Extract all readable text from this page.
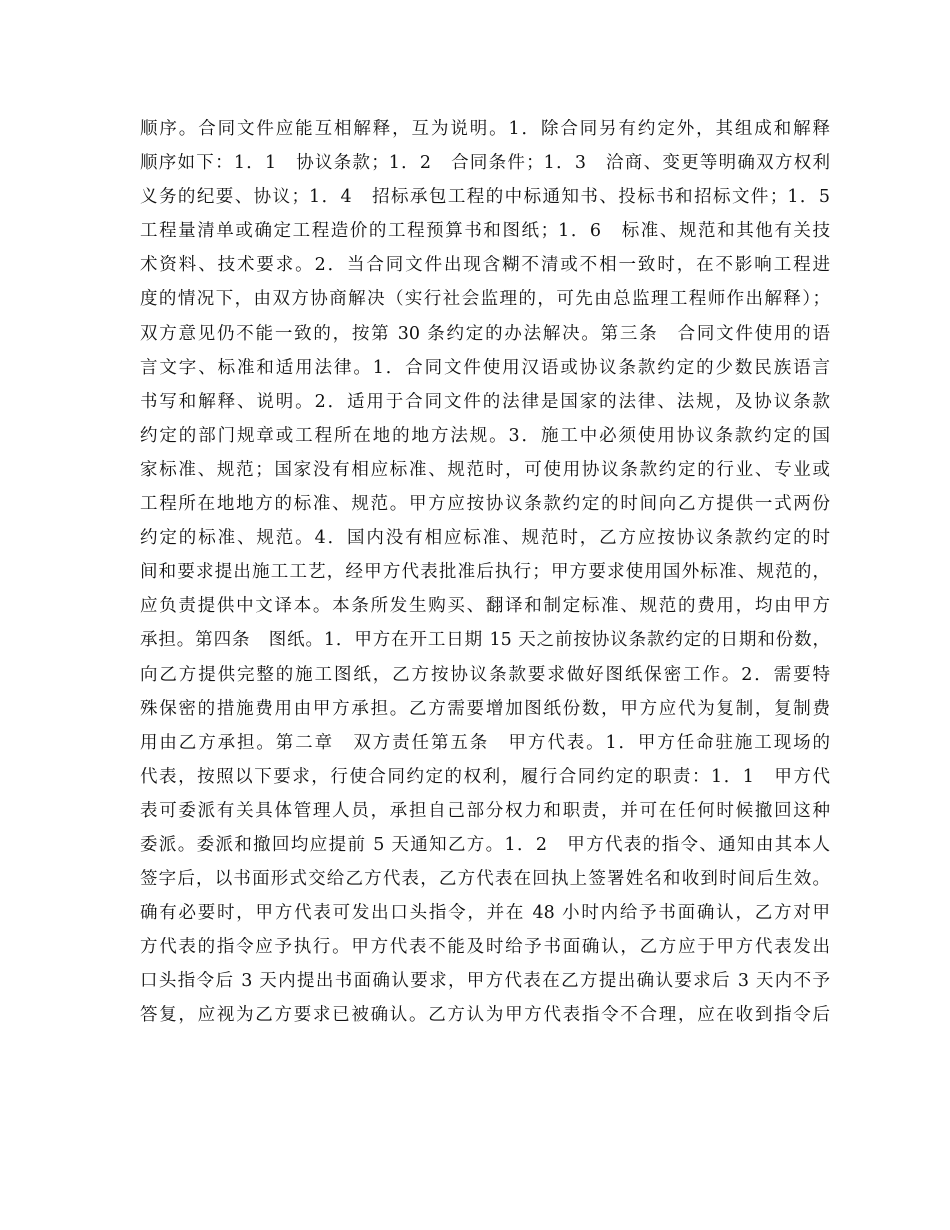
顺序。合同文件应能互相解释，互为说明。1．除合同另有约定外，其组成和解释
顺序如下：1．1　协议条款；1．2　合同条件；1．3　洽商、变更等明确双方权利
义务的纪要、协议；1．4　招标承包工程的中标通知书、投标书和招标文件；1．5
工程量清单或确定工程造价的工程预算书和图纸；1．6　标准、规范和其他有关技
术资料、技术要求。2．当合同文件出现含糊不清或不相一致时，在不影响工程进
度的情况下，由双方协商解决（实行社会监理的，可先由总监理工程师作出解释）；
双方意见仍不能一致的，按第 30 条约定的办法解决。第三条　合同文件使用的语
言文字、标准和适用法律。1．合同文件使用汉语或协议条款约定的少数民族语言
书写和解释、说明。2．适用于合同文件的法律是国家的法律、法规，及协议条款
约定的部门规章或工程所在地的地方法规。3．施工中必须使用协议条款约定的国
家标准、规范；国家没有相应标准、规范时，可使用协议条款约定的行业、专业或
工程所在地地方的标准、规范。甲方应按协议条款约定的时间向乙方提供一式两份
约定的标准、规范。4．国内没有相应标准、规范时，乙方应按协议条款约定的时
间和要求提出施工工艺，经甲方代表批准后执行；甲方要求使用国外标准、规范的，
应负责提供中文译本。本条所发生购买、翻译和制定标准、规范的费用，均由甲方
承担。第四条　图纸。1．甲方在开工日期 15 天之前按协议条款约定的日期和份数，
向乙方提供完整的施工图纸，乙方按协议条款要求做好图纸保密工作。2．需要特
殊保密的措施费用由甲方承担。乙方需要增加图纸份数，甲方应代为复制，复制费
用由乙方承担。第二章　双方责任第五条　甲方代表。1．甲方任命驻施工现场的
代表，按照以下要求，行使合同约定的权利，履行合同约定的职责：1．1　甲方代
表可委派有关具体管理人员，承担自己部分权力和职责，并可在任何时候撤回这种
委派。委派和撤回均应提前 5 天通知乙方。1．2　甲方代表的指令、通知由其本人
签字后，以书面形式交给乙方代表，乙方代表在回执上签署姓名和收到时间后生效。
确有必要时，甲方代表可发出口头指令，并在 48 小时内给予书面确认，乙方对甲
方代表的指令应予执行。甲方代表不能及时给予书面确认，乙方应于甲方代表发出
口头指令后 3 天内提出书面确认要求，甲方代表在乙方提出确认要求后 3 天内不予
答复，应视为乙方要求已被确认。乙方认为甲方代表指令不合理，应在收到指令后
